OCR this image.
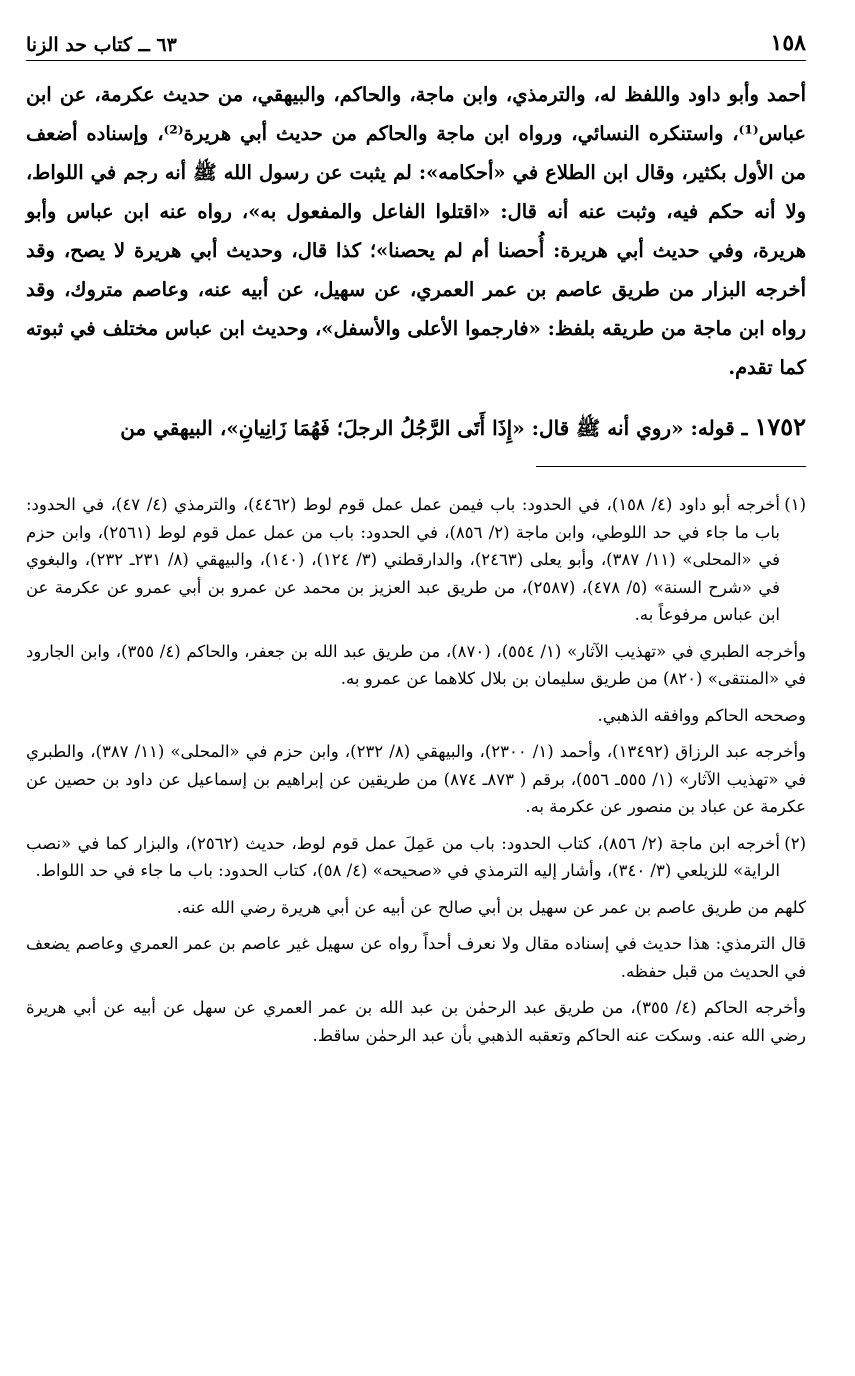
١٥٨
٦٣ ــ كتاب حد الزنا

أحمد وأبو داود واللفظ له، والترمذي، وابن ماجة، والحاكم، والبيهقي، من حديث عكرمة، عن ابن عباس⁽¹⁾، واستنكره النسائي، ورواه ابن ماجة والحاكم من حديث أبي هريرة⁽²⁾، وإسناده أضعف من الأول بكثير، وقال ابن الطلاع في «أحكامه»: لم يثبت عن رسول الله ﷺ أنه رجم في اللواط، ولا أنه حكم فيه، وثبت عنه أنه قال: «اقتلوا الفاعل والمفعول به»، رواه عنه ابن عباس وأبو هريرة، وفي حديث أبي هريرة: أُحصنا أم لم يحصنا»؛ كذا قال، وحديث أبي هريرة لا يصح، وقد أخرجه البزار من طريق عاصم بن عمر العمري، عن سهيل، عن أبيه عنه، وعاصم متروك، وقد رواه ابن ماجة من طريقه بلفظ: «فارجموا الأعلى والأسفل»، وحديث ابن عباس مختلف في ثبوته كما تقدم.

١٧٥٢ ـ قوله: «روي أنه ﷺ قال: «إِذَا أَتَى الرَّجُلُ الرجلَ؛ فَهُمَا زَانِيانِ»، البيهقي من

(١)
أخرجه أبو داود (٤/ ١٥٨)، في الحدود: باب فيمن عمل عمل قوم لوط (٤٤٦٢)، والترمذي (٤/ ٤٧)، في الحدود: باب ما جاء في حد اللوطي، وابن ماجة (٢/ ٨٥٦)، في الحدود: باب من عمل عمل قوم لوط (٢٥٦١)، وابن حزم في «المحلى» (١١/ ٣٨٧)، وأبو يعلى (٢٤٦٣)، والدارقطني (٣/ ١٢٤)، (١٤٠)، والبيهقي (٨/ ٢٣١ـ ٢٣٢)، والبغوي في «شرح السنة» (٥/ ٤٧٨)، (٢٥٨٧)، من طريق عبد العزيز بن محمد عن عمرو بن أبي عمرو عن عكرمة عن ابن عباس مرفوعاً به.

وأخرجه الطبري في «تهذيب الآثار» (١/ ٥٥٤)، (٨٧٠)، من طريق عبد الله بن جعفر، والحاكم (٤/ ٣٥٥)، وابن الجارود في «المنتقى» (٨٢٠) من طريق سليمان بن بلال كلاهما عن عمرو به.

وصححه الحاكم ووافقه الذهبي.

وأخرجه عبد الرزاق (١٣٤٩٢)، وأحمد (١/ ٢٣٠٠)، والبيهقي (٨/ ٢٣٢)، وابن حزم في «المحلى» (١١/ ٣٨٧)، والطبري في «تهذيب الآثار» (١/ ٥٥٥ـ ٥٥٦)، برقم ( ٨٧٣ـ ٨٧٤) من طريقين عن إبراهيم بن إسماعيل عن داود بن حصين عن عكرمة عن عباد بن منصور عن عكرمة به.

(٢)
أخرجه ابن ماجة (٢/ ٨٥٦)، كتاب الحدود: باب من عَمِلَ عمل قوم لوط، حديث (٢٥٦٢)، والبزار كما في «نصب الراية» للزيلعي (٣/ ٣٤٠)، وأشار إليه الترمذي في «صحيحه» (٤/ ٥٨)، كتاب الحدود: باب ما جاء في حد اللواط.

كلهم من طريق عاصم بن عمر عن سهيل بن أبي صالح عن أبيه عن أبي هريرة رضي الله عنه.

قال الترمذي: هذا حديث في إسناده مقال ولا نعرف أحداً رواه عن سهيل غير عاصم بن عمر العمري وعاصم يضعف في الحديث من قبل حفظه.

وأخرجه الحاكم (٤/ ٣٥٥)، من طريق عبد الرحمٰن بن عبد الله بن عمر العمري عن سهل عن أبيه عن أبي هريرة رضي الله عنه. وسكت عنه الحاكم وتعقبه الذهبي بأن عبد الرحمٰن ساقط.
